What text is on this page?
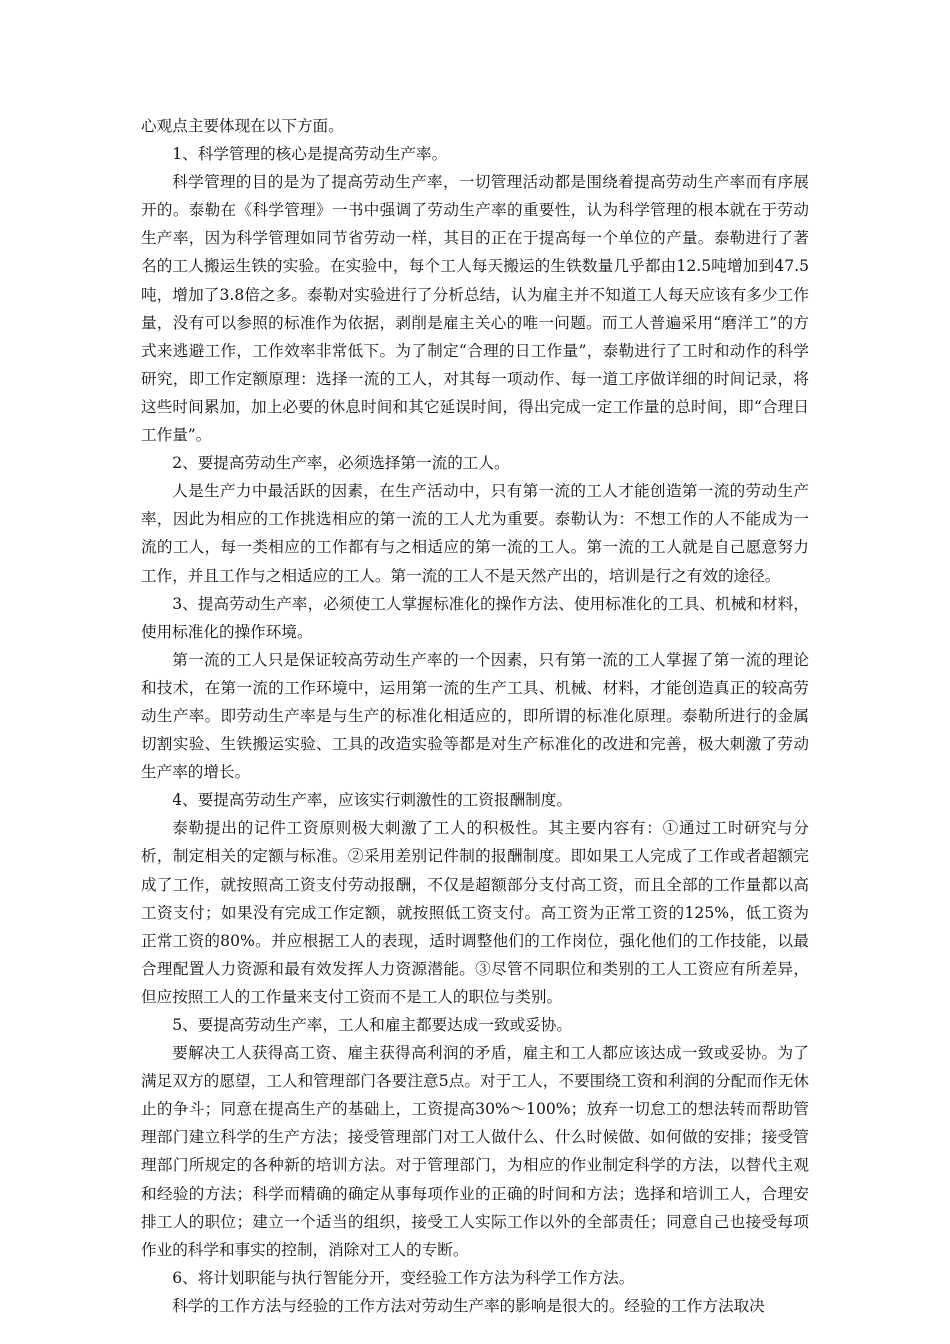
心观点主要体现在以下方面。

1、科学管理的核心是提高劳动生产率。

科学管理的目的是为了提高劳动生产率，一切管理活动都是围绕着提高劳动生产率而有序展开的。泰勒在《科学管理》一书中强调了劳动生产率的重要性，认为科学管理的根本就在于劳动生产率，因为科学管理如同节省劳动一样，其目的正在于提高每一个单位的产量。泰勒进行了著名的工人搬运生铁的实验。在实验中，每个工人每天搬运的生铁数量几乎都由12.5吨增加到47.5吨，增加了3.8倍之多。泰勒对实验进行了分析总结，认为雇主并不知道工人每天应该有多少工作量，没有可以参照的标准作为依据，剥削是雇主关心的唯一问题。而工人普遍采用“磨洋工”的方式来逃避工作，工作效率非常低下。为了制定“合理的日工作量”，泰勒进行了工时和动作的科学研究，即工作定额原理：选择一流的工人，对其每一项动作、每一道工序做详细的时间记录，将这些时间累加，加上必要的休息时间和其它延误时间，得出完成一定工作量的总时间，即“合理日工作量”。

2、要提高劳动生产率，必须选择第一流的工人。

人是生产力中最活跃的因素，在生产活动中，只有第一流的工人才能创造第一流的劳动生产率，因此为相应的工作挑选相应的第一流的工人尤为重要。泰勒认为：不想工作的人不能成为一流的工人，每一类相应的工作都有与之相适应的第一流的工人。第一流的工人就是自己愿意努力工作，并且工作与之相适应的工人。第一流的工人不是天然产出的，培训是行之有效的途径。

3、提高劳动生产率，必须使工人掌握标准化的操作方法、使用标准化的工具、机械和材料，使用标准化的操作环境。

第一流的工人只是保证较高劳动生产率的一个因素，只有第一流的工人掌握了第一流的理论和技术，在第一流的工作环境中，运用第一流的生产工具、机械、材料，才能创造真正的较高劳动生产率。即劳动生产率是与生产的标准化相适应的，即所谓的标准化原理。泰勒所进行的金属切割实验、生铁搬运实验、工具的改造实验等都是对生产标准化的改进和完善，极大刺激了劳动生产率的增长。

4、要提高劳动生产率，应该实行刺激性的工资报酬制度。

泰勒提出的记件工资原则极大刺激了工人的积极性。其主要内容有：①通过工时研究与分析，制定相关的定额与标准。②采用差别记件制的报酬制度。即如果工人完成了工作或者超额完成了工作，就按照高工资支付劳动报酬，不仅是超额部分支付高工资，而且全部的工作量都以高工资支付；如果没有完成工作定额，就按照低工资支付。高工资为正常工资的125%，低工资为正常工资的80%。并应根据工人的表现，适时调整他们的工作岗位，强化他们的工作技能，以最合理配置人力资源和最有效发挥人力资源潜能。③尽管不同职位和类别的工人工资应有所差异，但应按照工人的工作量来支付工资而不是工人的职位与类别。

5、要提高劳动生产率，工人和雇主都要达成一致或妥协。

要解决工人获得高工资、雇主获得高利润的矛盾，雇主和工人都应该达成一致或妥协。为了满足双方的愿望，工人和管理部门各要注意5点。对于工人，不要围绕工资和利润的分配而作无休止的争斗；同意在提高生产的基础上，工资提高30%～100%；放弃一切怠工的想法转而帮助管理部门建立科学的生产方法；接受管理部门对工人做什么、什么时候做、如何做的安排；接受管理部门所规定的各种新的培训方法。对于管理部门，为相应的作业制定科学的方法，以替代主观和经验的方法；科学而精确的确定从事每项作业的正确的时间和方法；选择和培训工人，合理安排工人的职位；建立一个适当的组织，接受工人实际工作以外的全部责任；同意自己也接受每项作业的科学和事实的控制，消除对工人的专断。

6、将计划职能与执行智能分开，变经验工作方法为科学工作方法。

科学的工作方法与经验的工作方法对劳动生产率的影响是很大的。经验的工作方法取决
